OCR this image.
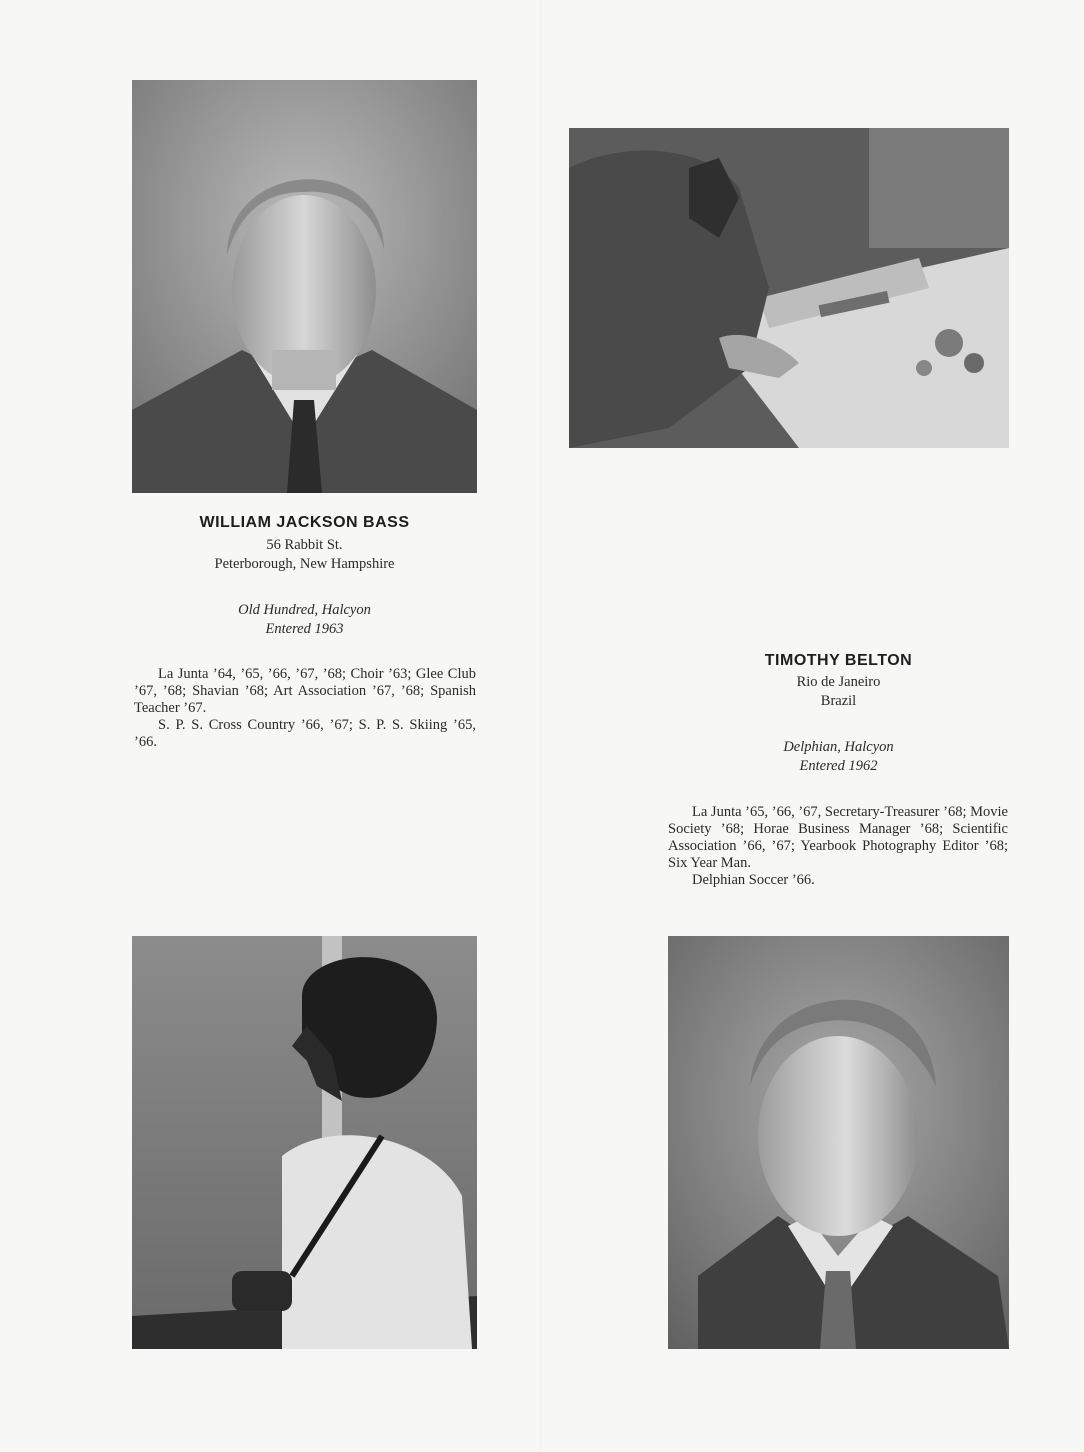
WILLIAM JACKSON BASS
56 Rabbit St.
Peterborough, New Hampshire
Old Hundred, Halcyon
Entered 1963

La Junta ’64, ’65, ’66, ’67, ’68; Choir ’63; Glee Club ’67, ’68; Shavian ’68; Art Association ’67, ’68; Spanish Teacher ’67.

S. P. S. Cross Country ’66, ’67; S. P. S. Skiing ’65, ’66.

TIMOTHY BELTON
Rio de Janeiro
Brazil
Delphian, Halcyon
Entered 1962

La Junta ’65, ’66, ’67, Secretary-Treasurer ’68; Movie Society ’68; Horae Business Manager ’68; Scientific Association ’66, ’67; Yearbook Photography Editor ’68; Six Year Man.

Delphian Soccer ’66.
